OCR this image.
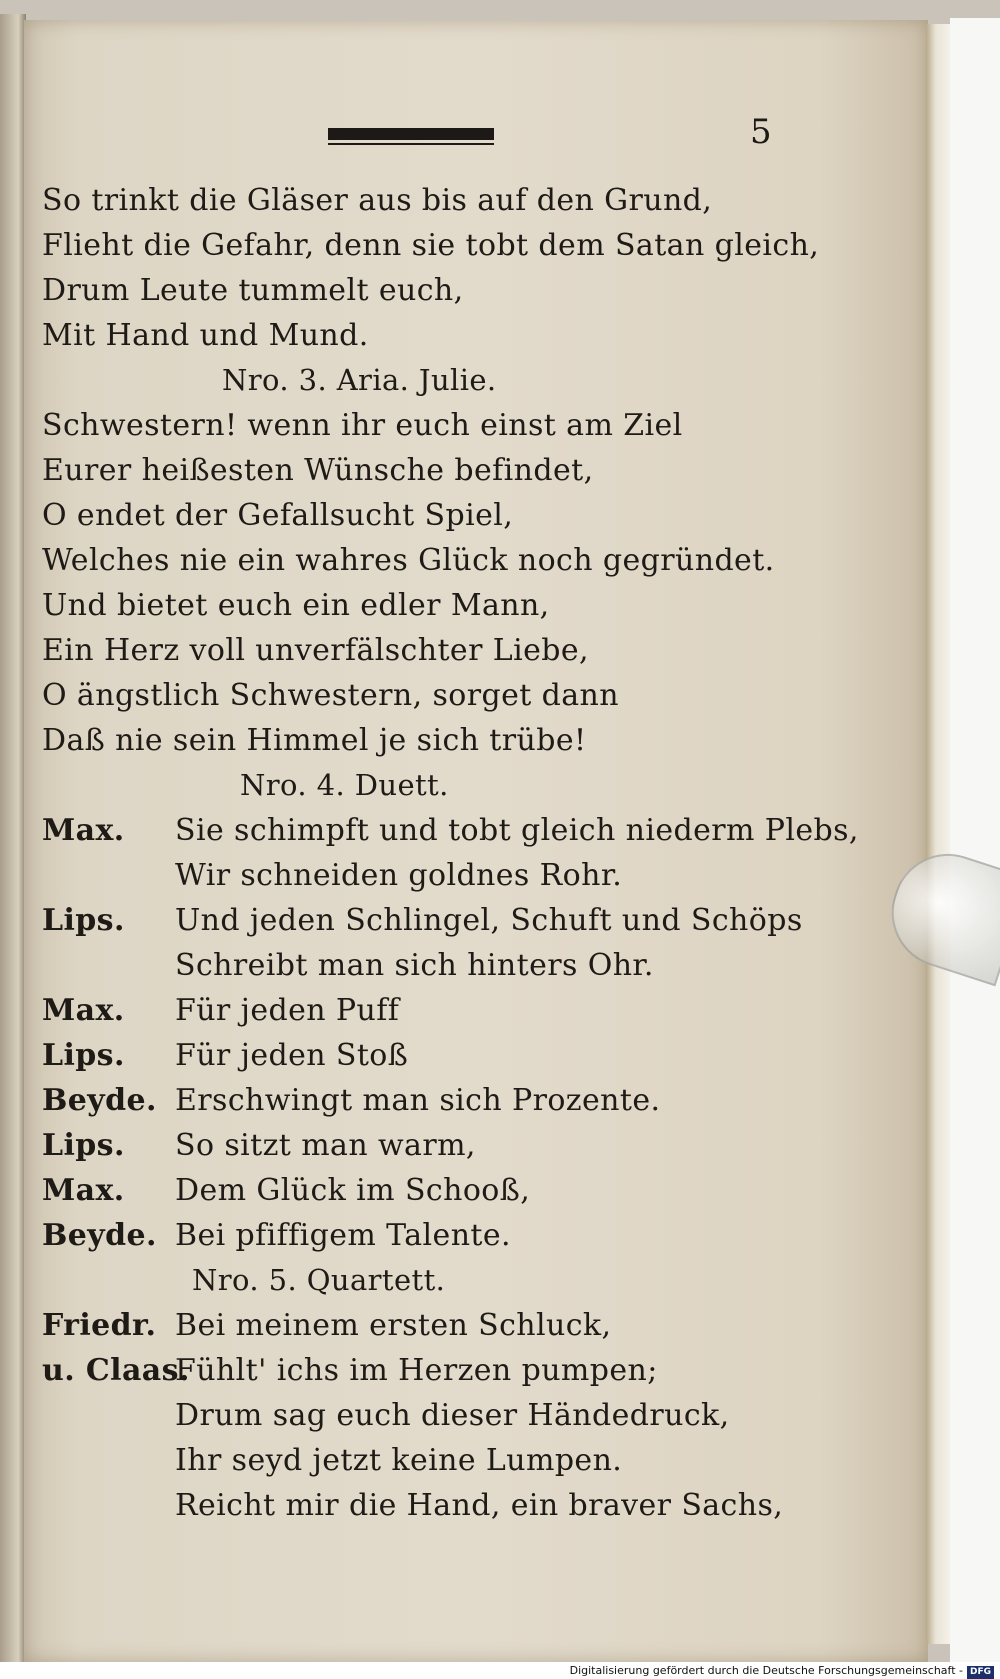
5
So trinkt die Gläser aus bis auf den Grund,
Flieht die Gefahr, denn sie tobt dem Satan gleich,
Drum Leute tummelt euch,
Mit Hand und Mund.
Nro. 3. Aria. Julie.
Schwestern! wenn ihr euch einst am Ziel
Eurer heißesten Wünsche befindet,
O endet der Gefallsucht Spiel,
Welches nie ein wahres Glück noch gegründet.
Und bietet euch ein edler Mann,
Ein Herz voll unverfälschter Liebe,
O ängstlich Schwestern, sorget dann
Daß nie sein Himmel je sich trübe!
Nro. 4. Duett.
Max. Sie schimpft und tobt gleich niederm Plebs,
Wir schneiden goldnes Rohr.
Lips. Und jeden Schlingel, Schuft und Schöps
Schreibt man sich hinters Ohr.
Max. Für jeden Puff
Lips. Für jeden Stoß
Beyde. Erschwingt man sich Prozente.
Lips. So sitzt man warm,
Max. Dem Glück im Schooß,
Beyde. Bei pfiffigem Talente.
Nro. 5. Quartett.
Friedr. Bei meinem ersten Schluck,
u. Claas.Fühlt' ichs im Herzen pumpen;
Drum sag euch dieser Händedruck,
Ihr seyd jetzt keine Lumpen.
Reicht mir die Hand, ein braver Sachs,
Digitalisierung gefördert durch die Deutsche Forschungsgemeinschaft - DFG
